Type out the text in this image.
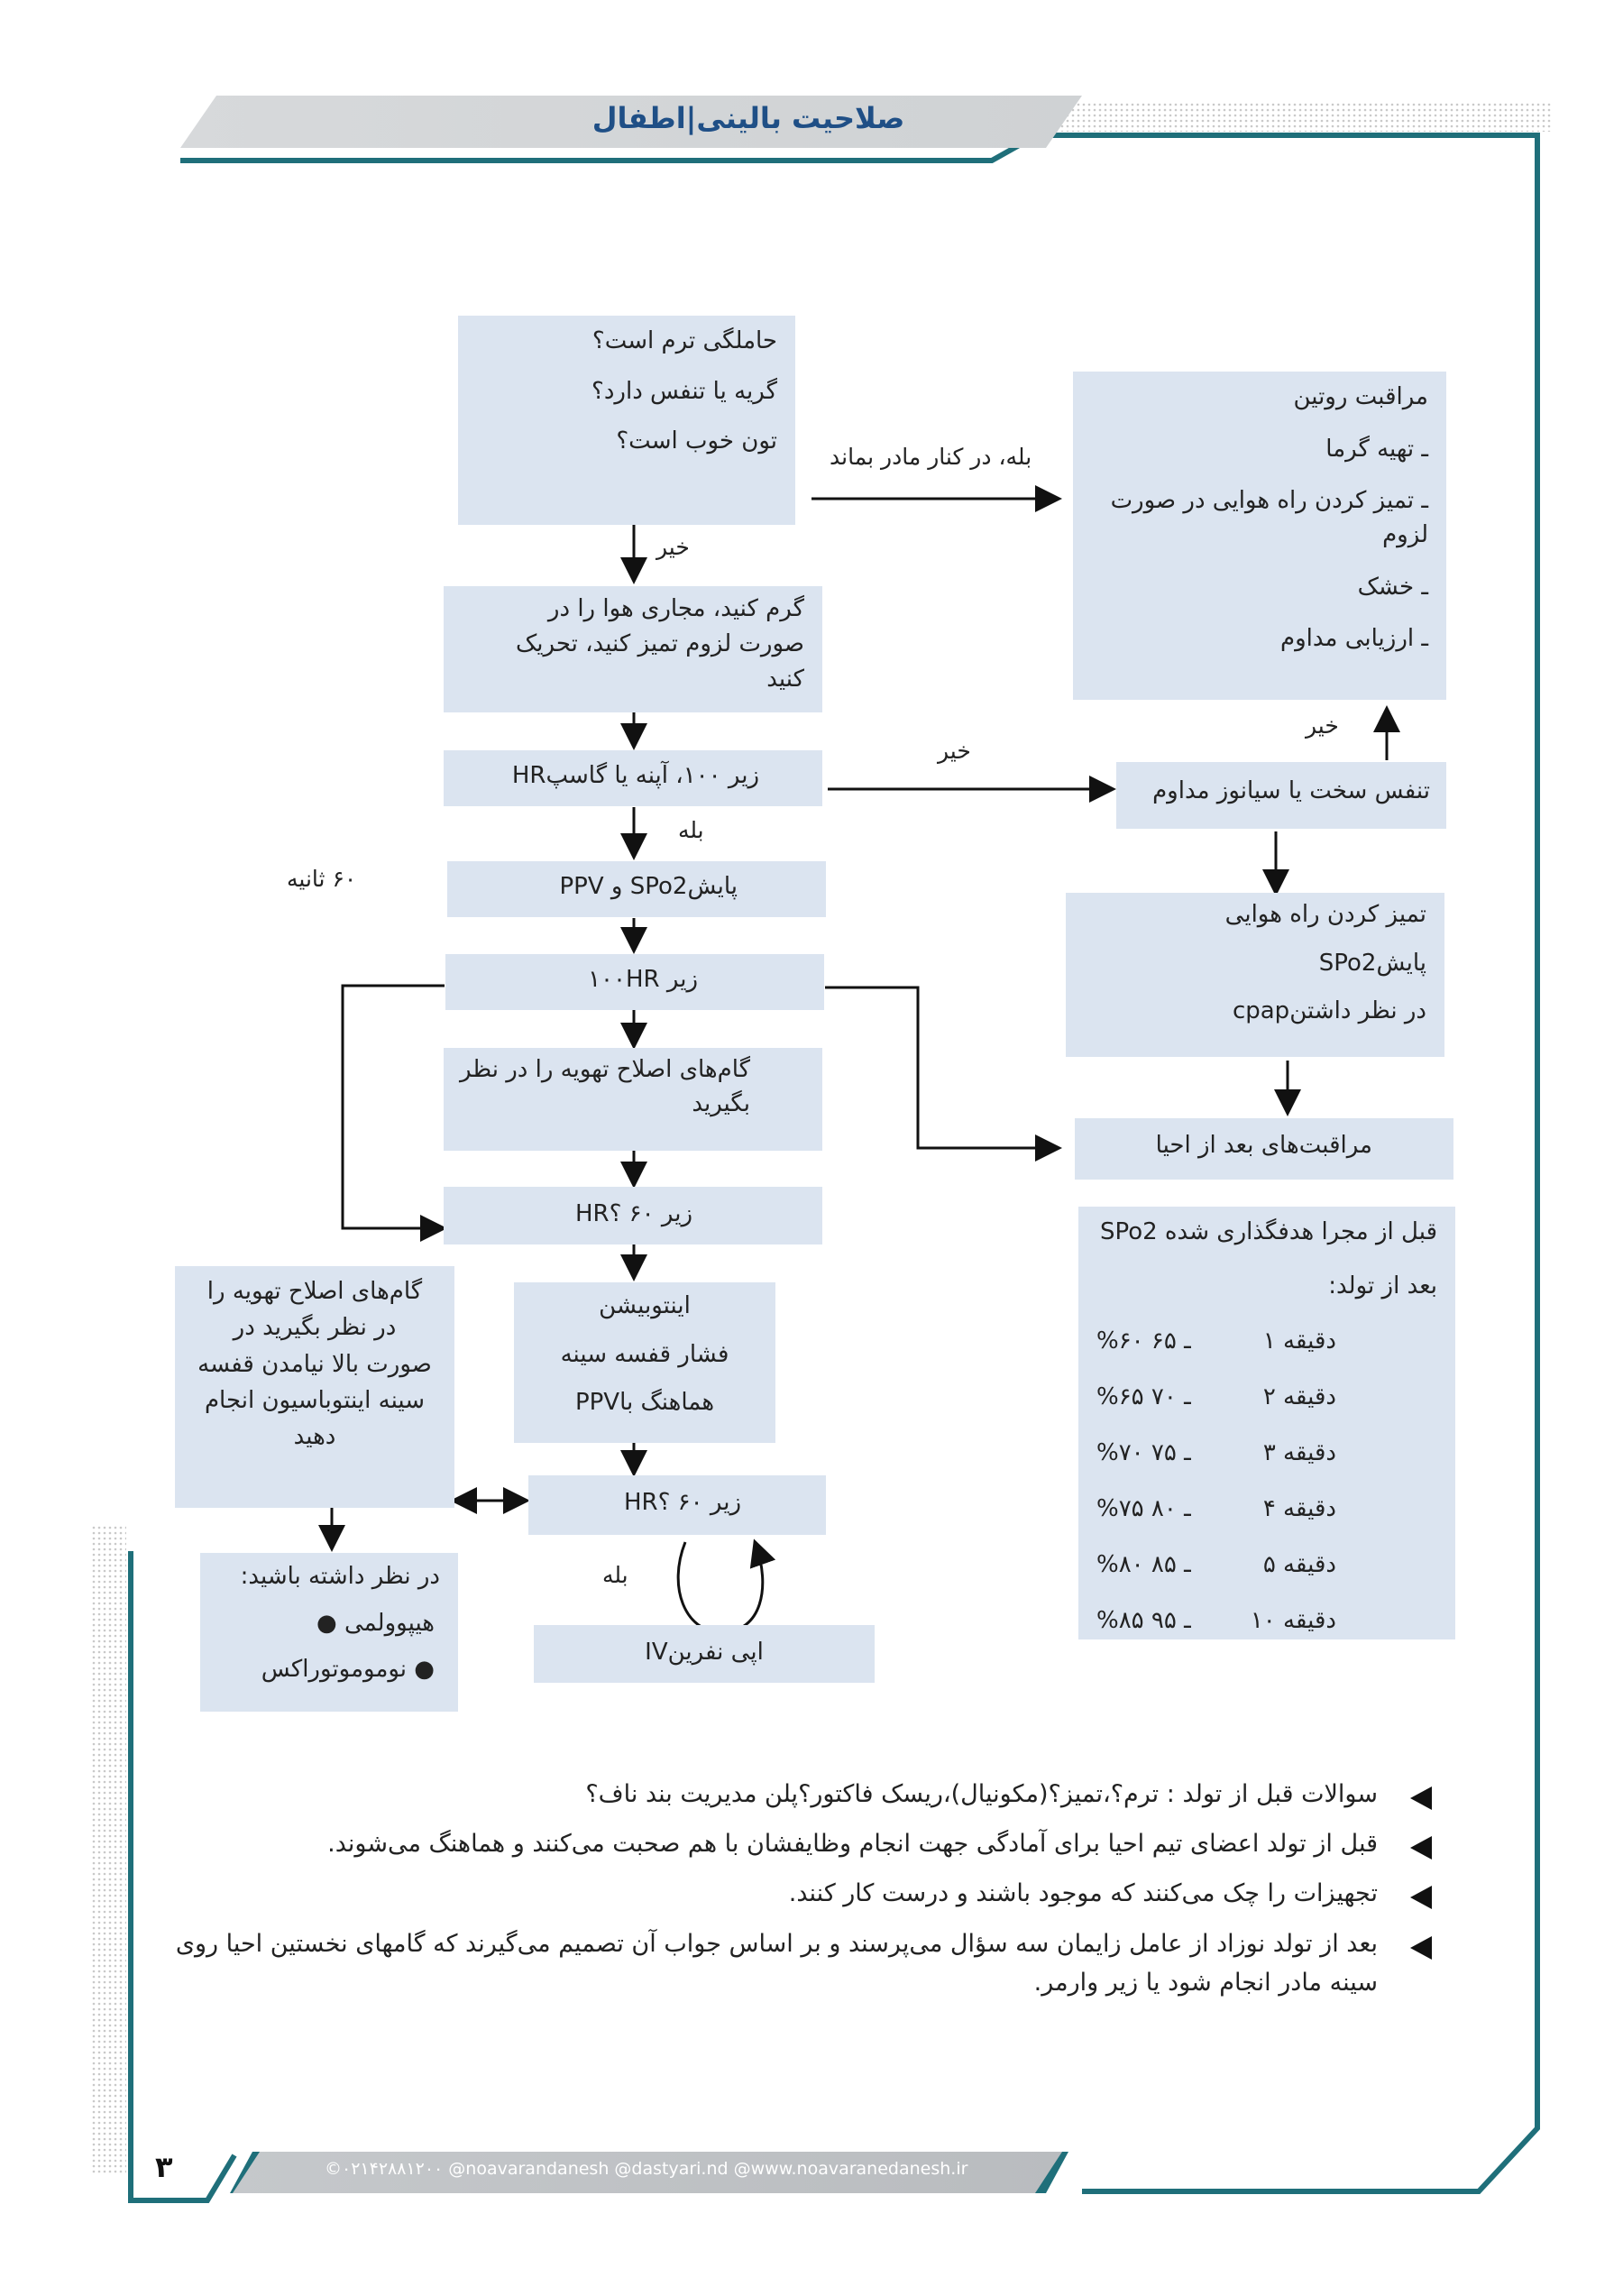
صلاحیت بالینی|اطفال
حاملگی ترم است؟
گریه یا تنفس دارد؟
تون خوب است؟
بله، در کنار مادر بماند
مراقبت روتین
ـ تهیه گرما
ـ تمیز کردن راه هوایی در صورت
لزوم
ـ خشک
ـ ارزیابی مداوم
خیر
گرم کنید، مجاری هوا را در
صورت لزوم تمیز کنید، تحریک
کنید
زیر ۱۰۰، آپنه یا گاسپHR
خیر
خیر
تنفس سخت یا سیانوز مداوم
بله
پایشSPo2 و PPV
۶۰ ثانیه
تمیز کردن راه هوایی
پایشSPo2
در نظر داشتنcpap
زیر ۱۰۰HR
مراقبت‌های بعد از احیا
گام‌های اصلاح تهویه را در نظر
بگیرید
زیر ۶۰ ؟HR
قبل از مجرا هدفگذاری شده SPo2
بعد از تولد:
دقیقه ۱
%۶۰ ـ ۶۵
دقیقه ۲
%۶۵ ـ ۷۰
دقیقه ۳
%۷۰ ـ ۷۵
دقیقه ۴
%۷۵ ـ ۸۰
دقیقه ۵
%۸۰ ـ ۸۵
دقیقه ۱۰
%۸۵ ـ ۹۵
گام‌های اصلاح تهویه را
در نظر بگیرید در
صورت بالا نیامدن قفسه
سینه اینتوباسیون انجام
دهید
اینتوبیشن
فشار قفسه سینه
هماهنگ باPPV
زیر ۶۰ ؟HR
بله
اپی نفرینIV
در نظر داشته باشید:
هیپوولمی ●
● نوموموتوراکس
سوالات قبل از تولد : ترم؟،تمیز؟(مکونیال)،ریسک فاکتور؟پلن مدیریت بند ناف؟
قبل از تولد اعضای تیم احیا برای آمادگی جهت انجام وظایفشان با هم صحبت می‌کنند و هماهنگ می‌شوند.
تجهیزات را چک می‌کنند که موجود باشند و درست کار کنند.
بعد از تولد نوزاد از عامل زایمان سه سؤال می‌پرسند و بر اساس جواب آن تصمیم می‌گیرند که گامهای نخستین احیا روی سینه مادر انجام شود یا زیر وارمر.
©۰۲۱۴۲۸۸۱۲۰۰ @noavarandanesh @dastyari.nd @www.noavaranedanesh.ir
۳
